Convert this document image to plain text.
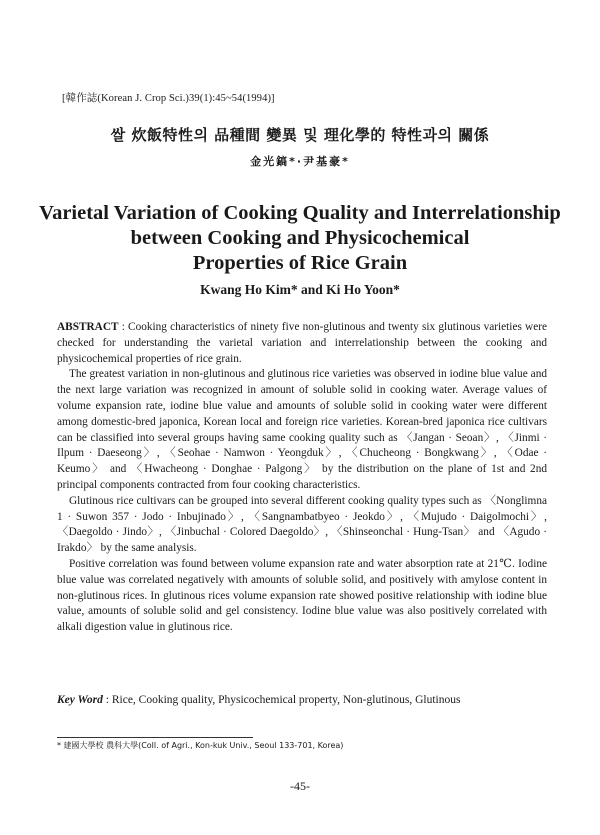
[韓作誌(Korean J. Crop Sci.)39(1):45~54(1994)]
쌀 炊飯特性의 品種間 變異 및 理化學的 特性과의 關係
金光鎬*·尹基豪*
Varietal Variation of Cooking Quality and Interrelationship
between Cooking and Physicochemical
Properties of Rice Grain
Kwang Ho Kim* and Ki Ho Yoon*

ABSTRACT : Cooking characteristics of ninety five non-glutinous and twenty six glutinous varieties were checked for understanding the varietal variation and interrelationship between the cooking and physicochemical properties of rice grain.

The greatest variation in non-glutinous and glutinous rice varieties was observed in iodine blue value and the next large variation was recognized in amount of soluble solid in cooking water. Average values of volume expansion rate, iodine blue value and amounts of soluble solid in cooking water were different among domestic-bred japonica, Korean local and foreign rice varieties. Korean-bred japonica rice cultivars can be classified into several groups having same cooking quality such as 〈Jangan · Seoan〉, 〈Jinmi · Ilpum · Daeseong〉, 〈Seohae · Namwon · Yeongduk〉, 〈Chucheong · Bongkwang〉, 〈Odae · Keumo〉 and 〈Hwacheong · Donghae · Palgong〉 by the distribution on the plane of 1st and 2nd principal components contracted from four cooking characteristics.

Glutinous rice cultivars can be grouped into several different cooking quality types such as 〈Nonglimna 1 · Suwon 357 · Jodo · Inbujinado〉, 〈Sangnambatbyeo · Jeokdo〉, 〈Mujudo · Daigolmochi〉, 〈Daegoldo · Jindo〉, 〈Jinbuchal · Colored Daegoldo〉, 〈Shinseonchal · Hung-Tsan〉 and 〈Agudo · Irakdo〉 by the same analysis.

Positive correlation was found between volume expansion rate and water absorption rate at 21℃. Iodine blue value was correlated negatively with amounts of soluble solid, and positively with amylose content in non-glutinous rices. In glutinous rices volume expansion rate showed positive relationship with iodine blue value, amounts of soluble solid and gel consistency. Iodine blue value was also positively correlated with alkali digestion value in glutinous rice.

Key Word : Rice, Cooking quality, Physicochemical property, Non-glutinous, Glutinous
* 建國大學校 農科大學(Coll. of Agri., Kon-kuk Univ., Seoul 133-701, Korea)
-45-
